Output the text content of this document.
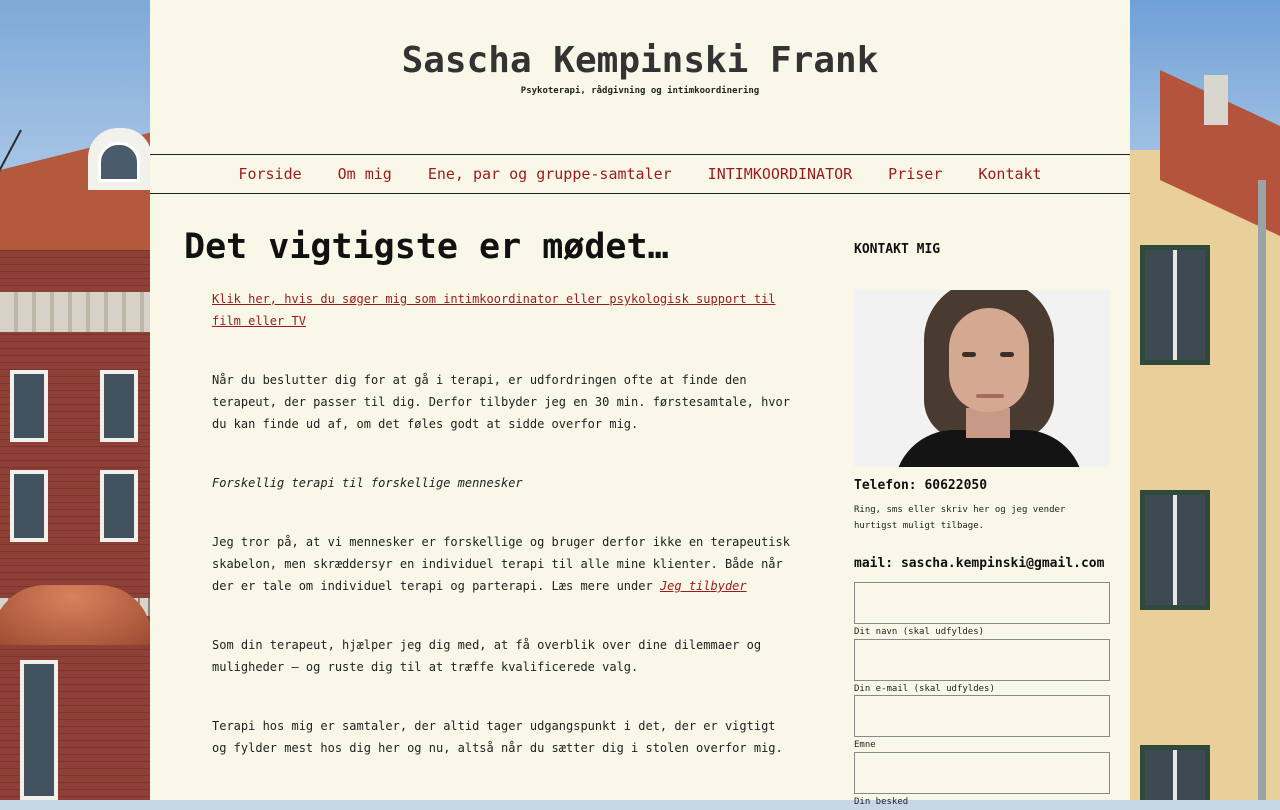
Sascha Kempinski Frank
Psykoterapi, rådgivning og intimkoordinering
Forside Om mig Ene, par og gruppe-samtaler INTIMKOORDINATOR Priser Kontakt
Det vigtigste er mødet…

Klik her, hvis du søger mig som intimkoordinator eller psykologisk support til film eller TV

Når du beslutter dig for at gå i terapi, er udfordringen ofte at finde den terapeut, der passer til dig. Derfor tilbyder jeg en 30 min. førstesamtale, hvor du kan finde ud af, om det føles godt at sidde overfor mig.

Forskellig terapi til forskellige mennesker

Jeg tror på, at vi mennesker er forskellige og bruger derfor ikke en terapeutisk skabelon, men skræddersyr en individuel terapi til alle mine klienter. Både når der er tale om individuel terapi og parterapi. Læs mere under Jeg tilbyder

Som din terapeut, hjælper jeg dig med, at få overblik over dine dilemmaer og muligheder – og ruste dig til at træffe kvalificerede valg.

Terapi hos mig er samtaler, der altid tager udgangspunkt i det, der er vigtigt og fylder mest hos dig her og nu, altså når du sætter dig i stolen overfor mig.

KONTAKT MIG
Telefon: 60622050
Ring, sms eller skriv her og jeg vender hurtigst muligt tilbage.
mail: sascha.kempinski@gmail.com
Dit navn (skal udfyldes)
Din e-mail (skal udfyldes)
Emne
Din besked
